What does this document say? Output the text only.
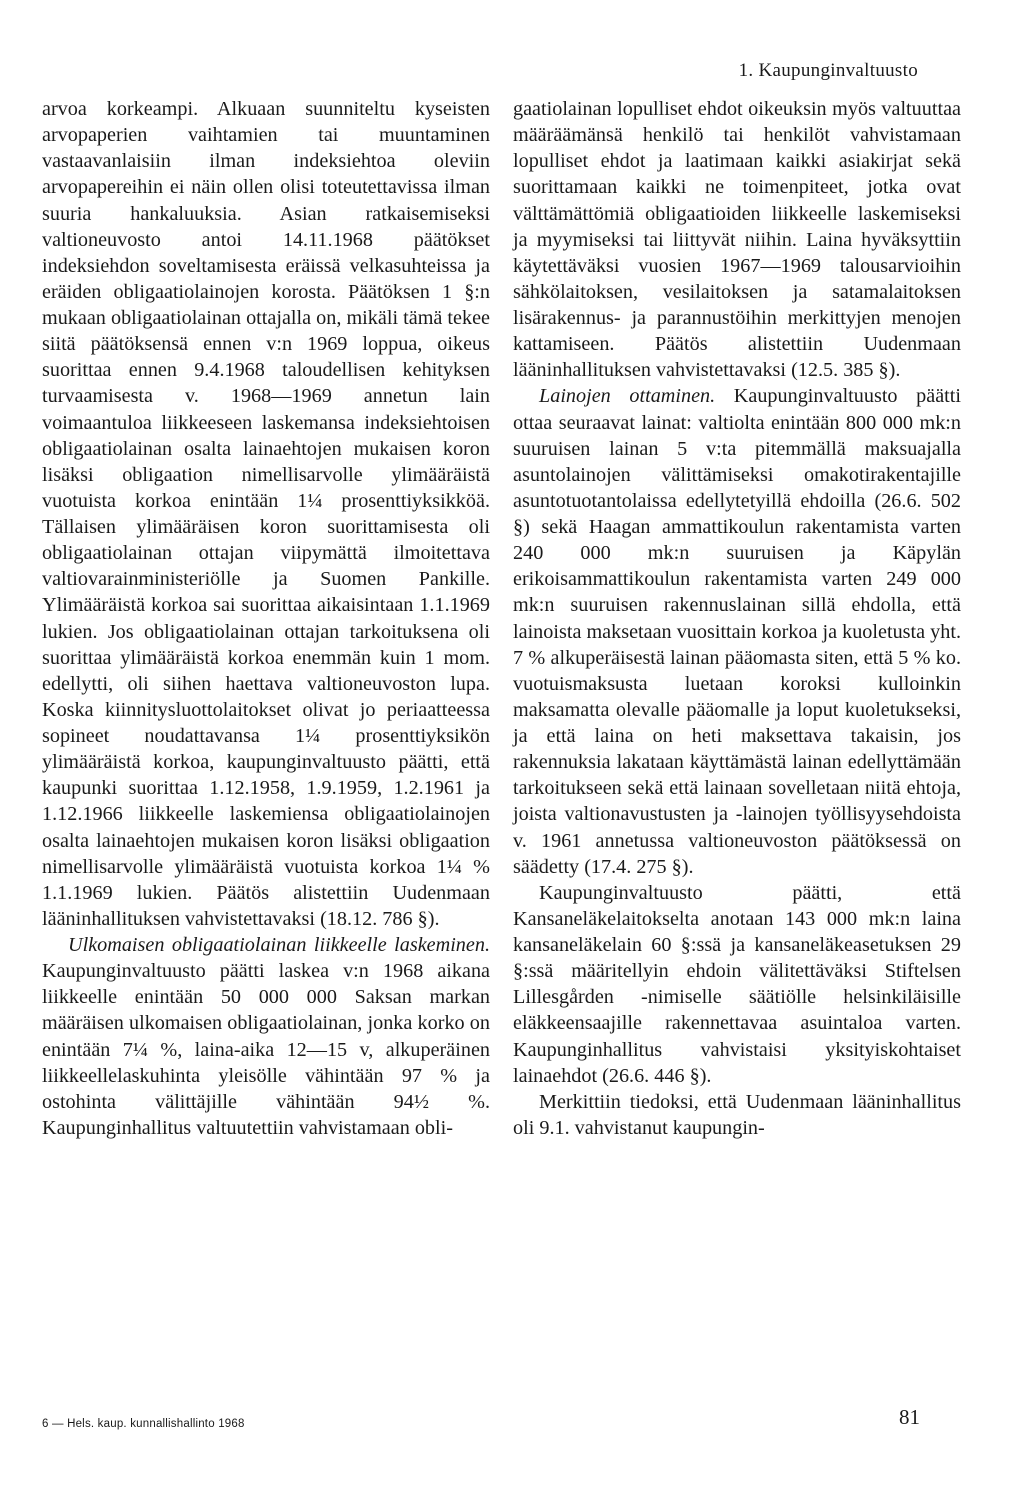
1. Kaupunginvaltuusto

arvoa korkeampi. Alkuaan suunniteltu kyseisten arvopaperien vaihtamien tai muuntaminen vastaavanlaisiin ilman indeksiehtoa oleviin arvopapereihin ei näin ollen olisi toteutettavissa ilman suuria hankaluuksia. Asian ratkaisemiseksi valtioneuvosto antoi 14.11.1968 päätökset indeksiehdon soveltamisesta eräissä velkasuhteissa ja eräiden obligaatiolainojen korosta. Päätöksen 1 §:n mukaan obligaatiolainan ottajalla on, mikäli tämä tekee siitä päätöksensä ennen v:n 1969 loppua, oikeus suorittaa ennen 9.4.1968 taloudellisen kehityksen turvaamisesta v. 1968—1969 annetun lain voimaantuloa liikkeeseen laskemansa indeksiehtoisen obligaatiolainan osalta lainaehtojen mukaisen koron lisäksi obligaation nimellisarvolle ylimääräistä vuotuista korkoa enintään 1¼ prosenttiyksikköä. Tällaisen ylimääräisen koron suorittamisesta oli obligaatiolainan ottajan viipymättä ilmoitettava valtiovarainministeriölle ja Suomen Pankille. Ylimääräistä korkoa sai suorittaa aikaisintaan 1.1.1969 lukien. Jos obligaatiolainan ottajan tarkoituksena oli suorittaa ylimääräistä korkoa enemmän kuin 1 mom. edellytti, oli siihen haettava valtioneuvoston lupa. Koska kiinnitysluottolaitokset olivat jo periaatteessa sopineet noudattavansa 1¼ prosenttiyksikön ylimääräistä korkoa, kaupunginvaltuusto päätti, että kaupunki suorittaa 1.12.1958, 1.9.1959, 1.2.1961 ja 1.12.1966 liikkeelle laskemiensa obligaatiolainojen osalta lainaehtojen mukaisen koron lisäksi obligaation nimellisarvolle ylimääräistä vuotuista korkoa 1¼ % 1.1.1969 lukien. Päätös alistettiin Uudenmaan lääninhallituksen vahvistettavaksi (18.12. 786 §).

Ulkomaisen obligaatiolainan liikkeelle laskeminen. Kaupunginvaltuusto päätti laskea v:n 1968 aikana liikkeelle enintään 50 000 000 Saksan markan määräisen ulkomaisen obligaatiolainan, jonka korko on enintään 7¼ %, laina-aika 12—15 v, alkuperäinen liikkeellelaskuhinta yleisölle vähintään 97 % ja ostohinta välittäjille vähintään 94½ %. Kaupunginhallitus valtuutettiin vahvistamaan obli-

gaatiolainan lopulliset ehdot oikeuksin myös valtuuttaa määräämänsä henkilö tai henkilöt vahvistamaan lopulliset ehdot ja laatimaan kaikki asiakirjat sekä suorittamaan kaikki ne toimenpiteet, jotka ovat välttämättömiä obligaatioiden liikkeelle laskemiseksi ja myymiseksi tai liittyvät niihin. Laina hyväksyttiin käytettäväksi vuosien 1967—1969 talousarvioihin sähkölaitoksen, vesilaitoksen ja satamalaitoksen lisärakennus- ja parannustöihin merkittyjen menojen kattamiseen. Päätös alistettiin Uudenmaan lääninhallituksen vahvistettavaksi (12.5. 385 §).

Lainojen ottaminen. Kaupunginvaltuusto päätti ottaa seuraavat lainat: valtiolta enintään 800 000 mk:n suuruisen lainan 5 v:ta pitemmällä maksuajalla asuntolainojen välittämiseksi omakotirakentajille asuntotuotantolaissa edellytetyillä ehdoilla (26.6. 502 §) sekä Haagan ammattikoulun rakentamista varten 240 000 mk:n suuruisen ja Käpylän erikoisammattikoulun rakentamista varten 249 000 mk:n suuruisen rakennuslainan sillä ehdolla, että lainoista maksetaan vuosittain korkoa ja kuoletusta yht. 7 % alkuperäisestä lainan pääomasta siten, että 5 % ko. vuotuismaksusta luetaan koroksi kulloinkin maksamatta olevalle pääomalle ja loput kuoletukseksi, ja että laina on heti maksettava takaisin, jos rakennuksia lakataan käyttämästä lainan edellyttämään tarkoitukseen sekä että lainaan sovelletaan niitä ehtoja, joista valtionavustusten ja -lainojen työllisyysehdoista v. 1961 annetussa valtioneuvoston päätöksessä on säädetty (17.4. 275 §).

Kaupunginvaltuusto päätti, että Kansaneläkelaitokselta anotaan 143 000 mk:n laina kansaneläkelain 60 §:ssä ja kansaneläkeasetuksen 29 §:ssä määritellyin ehdoin välitettäväksi Stiftelsen Lillesgården -nimiselle säätiölle helsinkiläisille eläkkeensaajille rakennettavaa asuintaloa varten. Kaupunginhallitus vahvistaisi yksityiskohtaiset lainaehdot (26.6. 446 §).

Merkittiin tiedoksi, että Uudenmaan lääninhallitus oli 9.1. vahvistanut kaupungin-

6 — Hels. kaup. kunnallishallinto 1968	81
